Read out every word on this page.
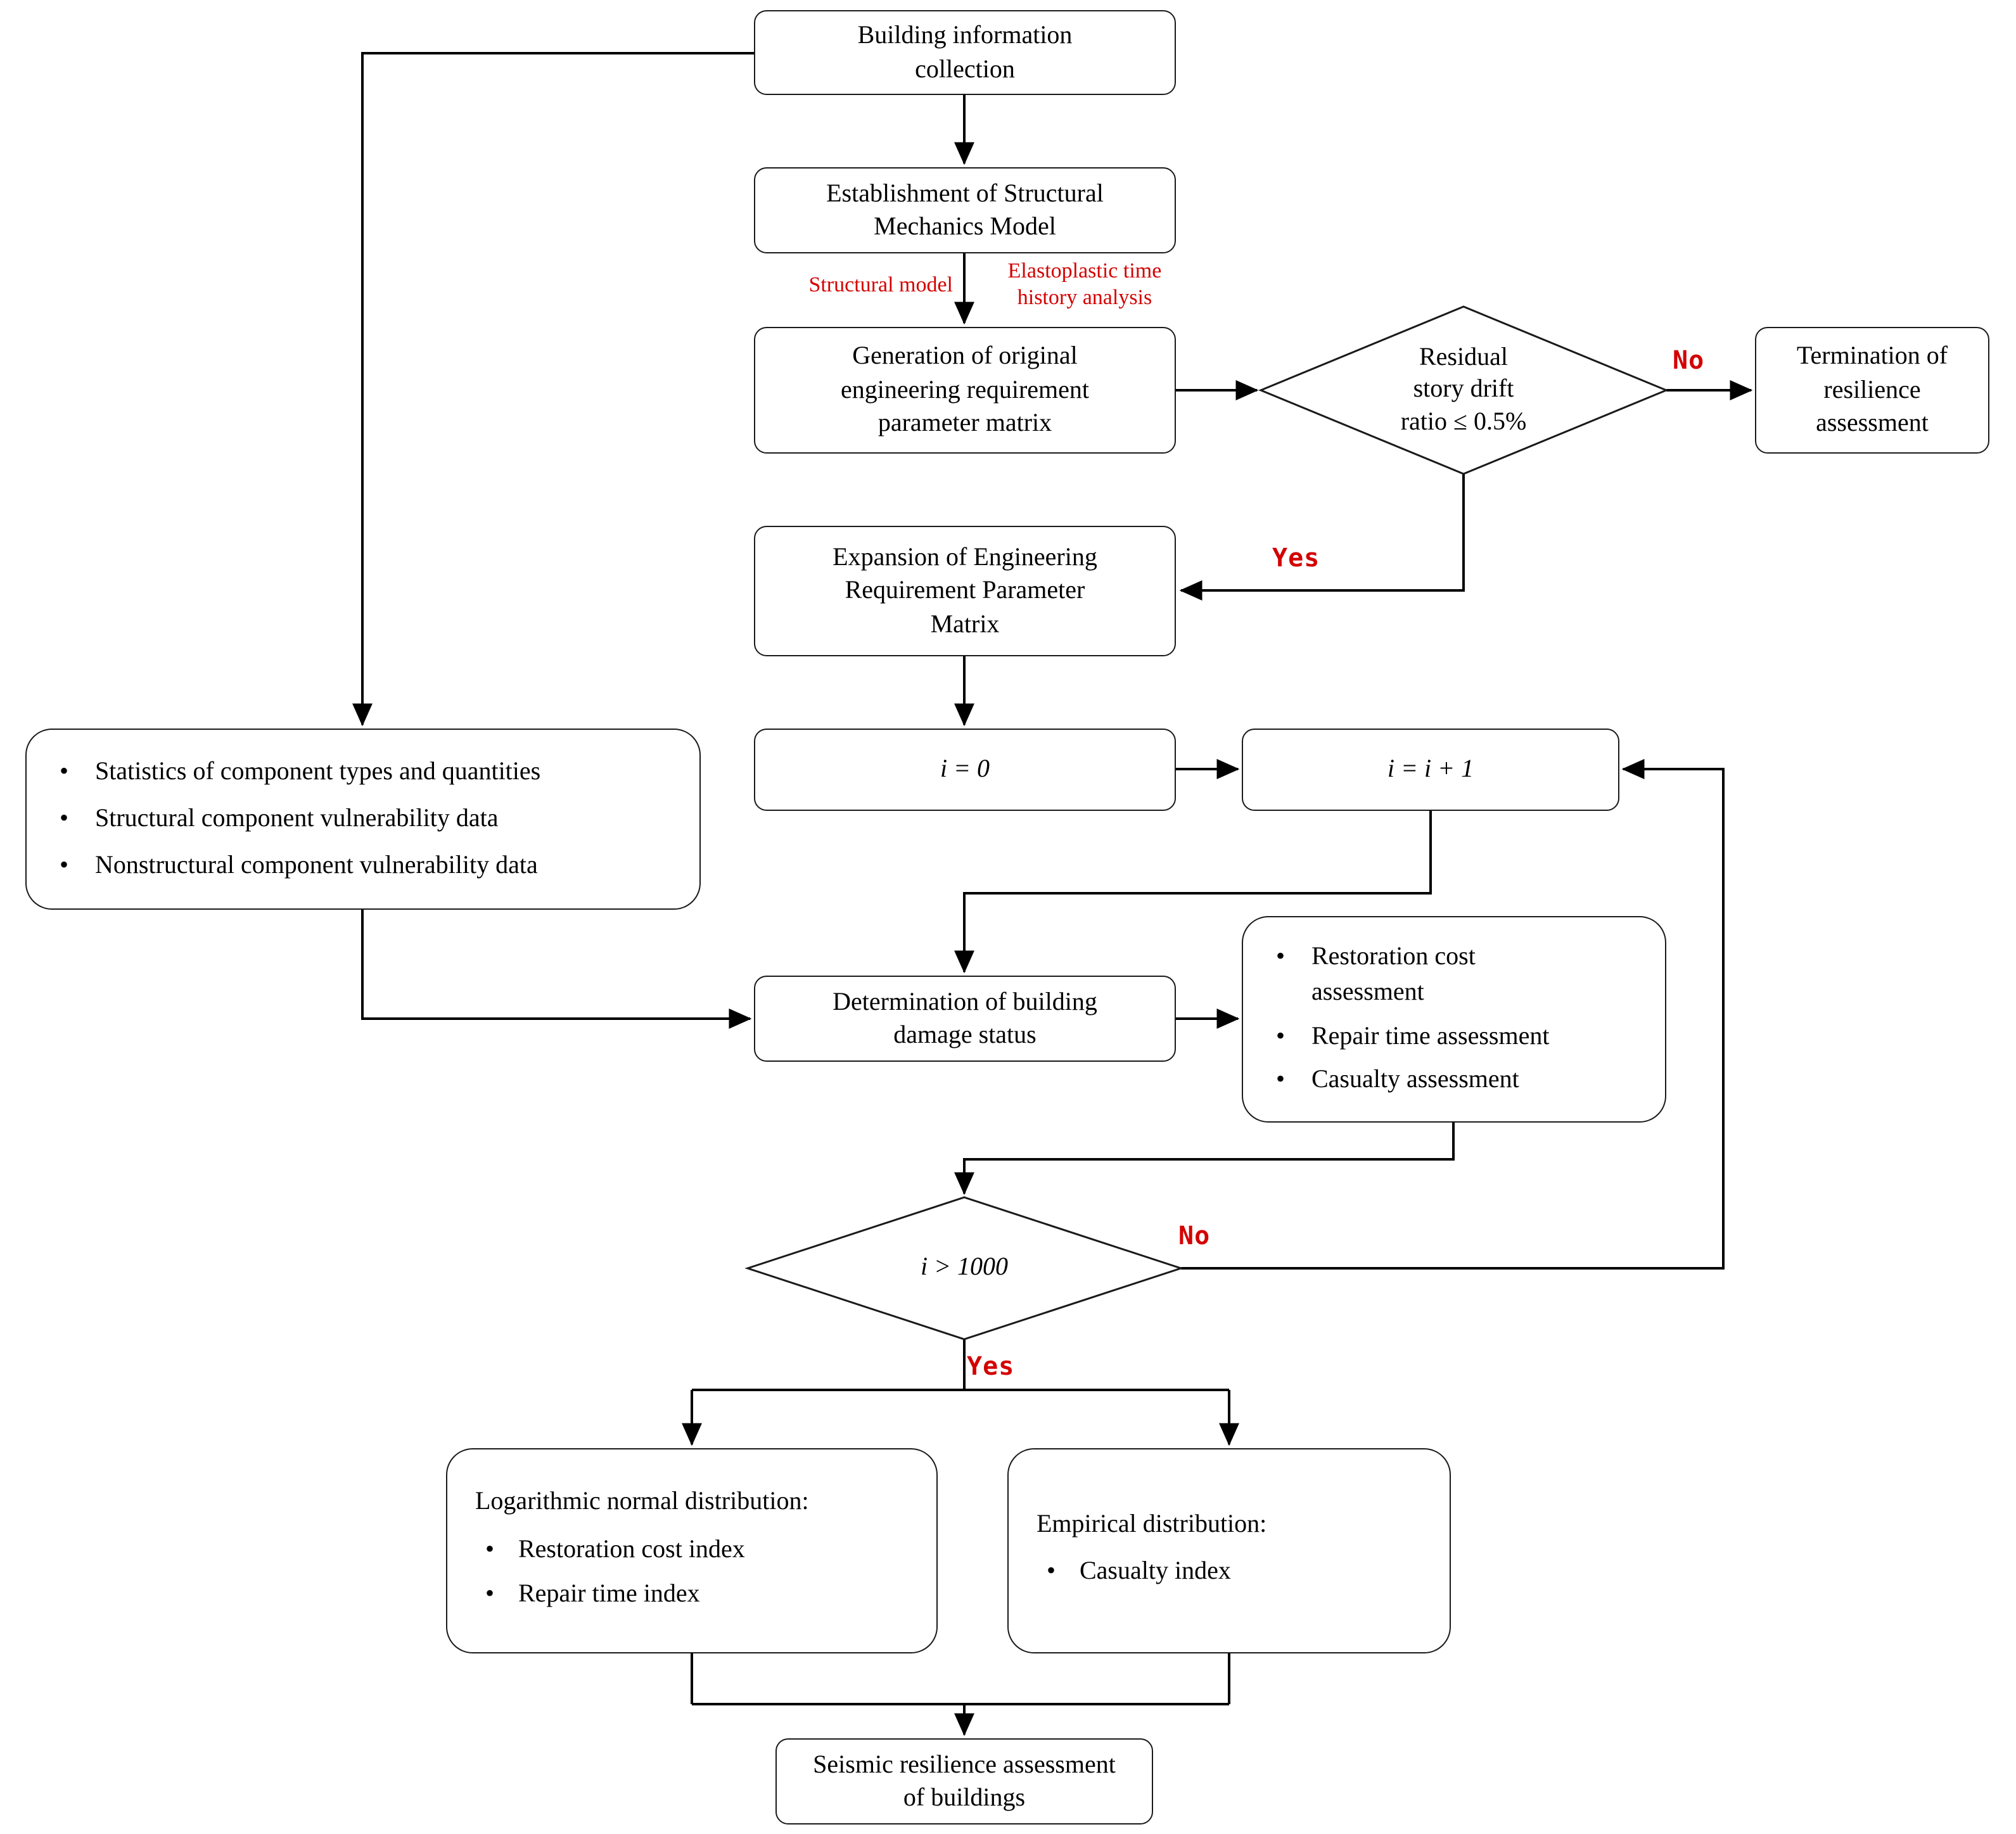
Building information collection
Establishment of Structural Mechanics Model
Generation of original engineering requirement parameter matrix
Termination of resilience assessment
Expansion of Engineering Requirement Parameter Matrix
i = 0	i = i + 1
• Statistics of component types and quantities
• Structural component vulnerability data
• Nonstructural component vulnerability data
Determination of building damage status
• Restoration cost assessment
• Repair time assessment
• Casualty assessment
Logarithmic normal distribution:
• Restoration cost index
• Repair time index
Empirical distribution:
• Casualty index
Seismic resilience assessment of buildings
Residual story drift ratio ≤ 0.5%
i > 1000
Structural model
Elastoplastic time history analysis
No
Yes
No
Yes
